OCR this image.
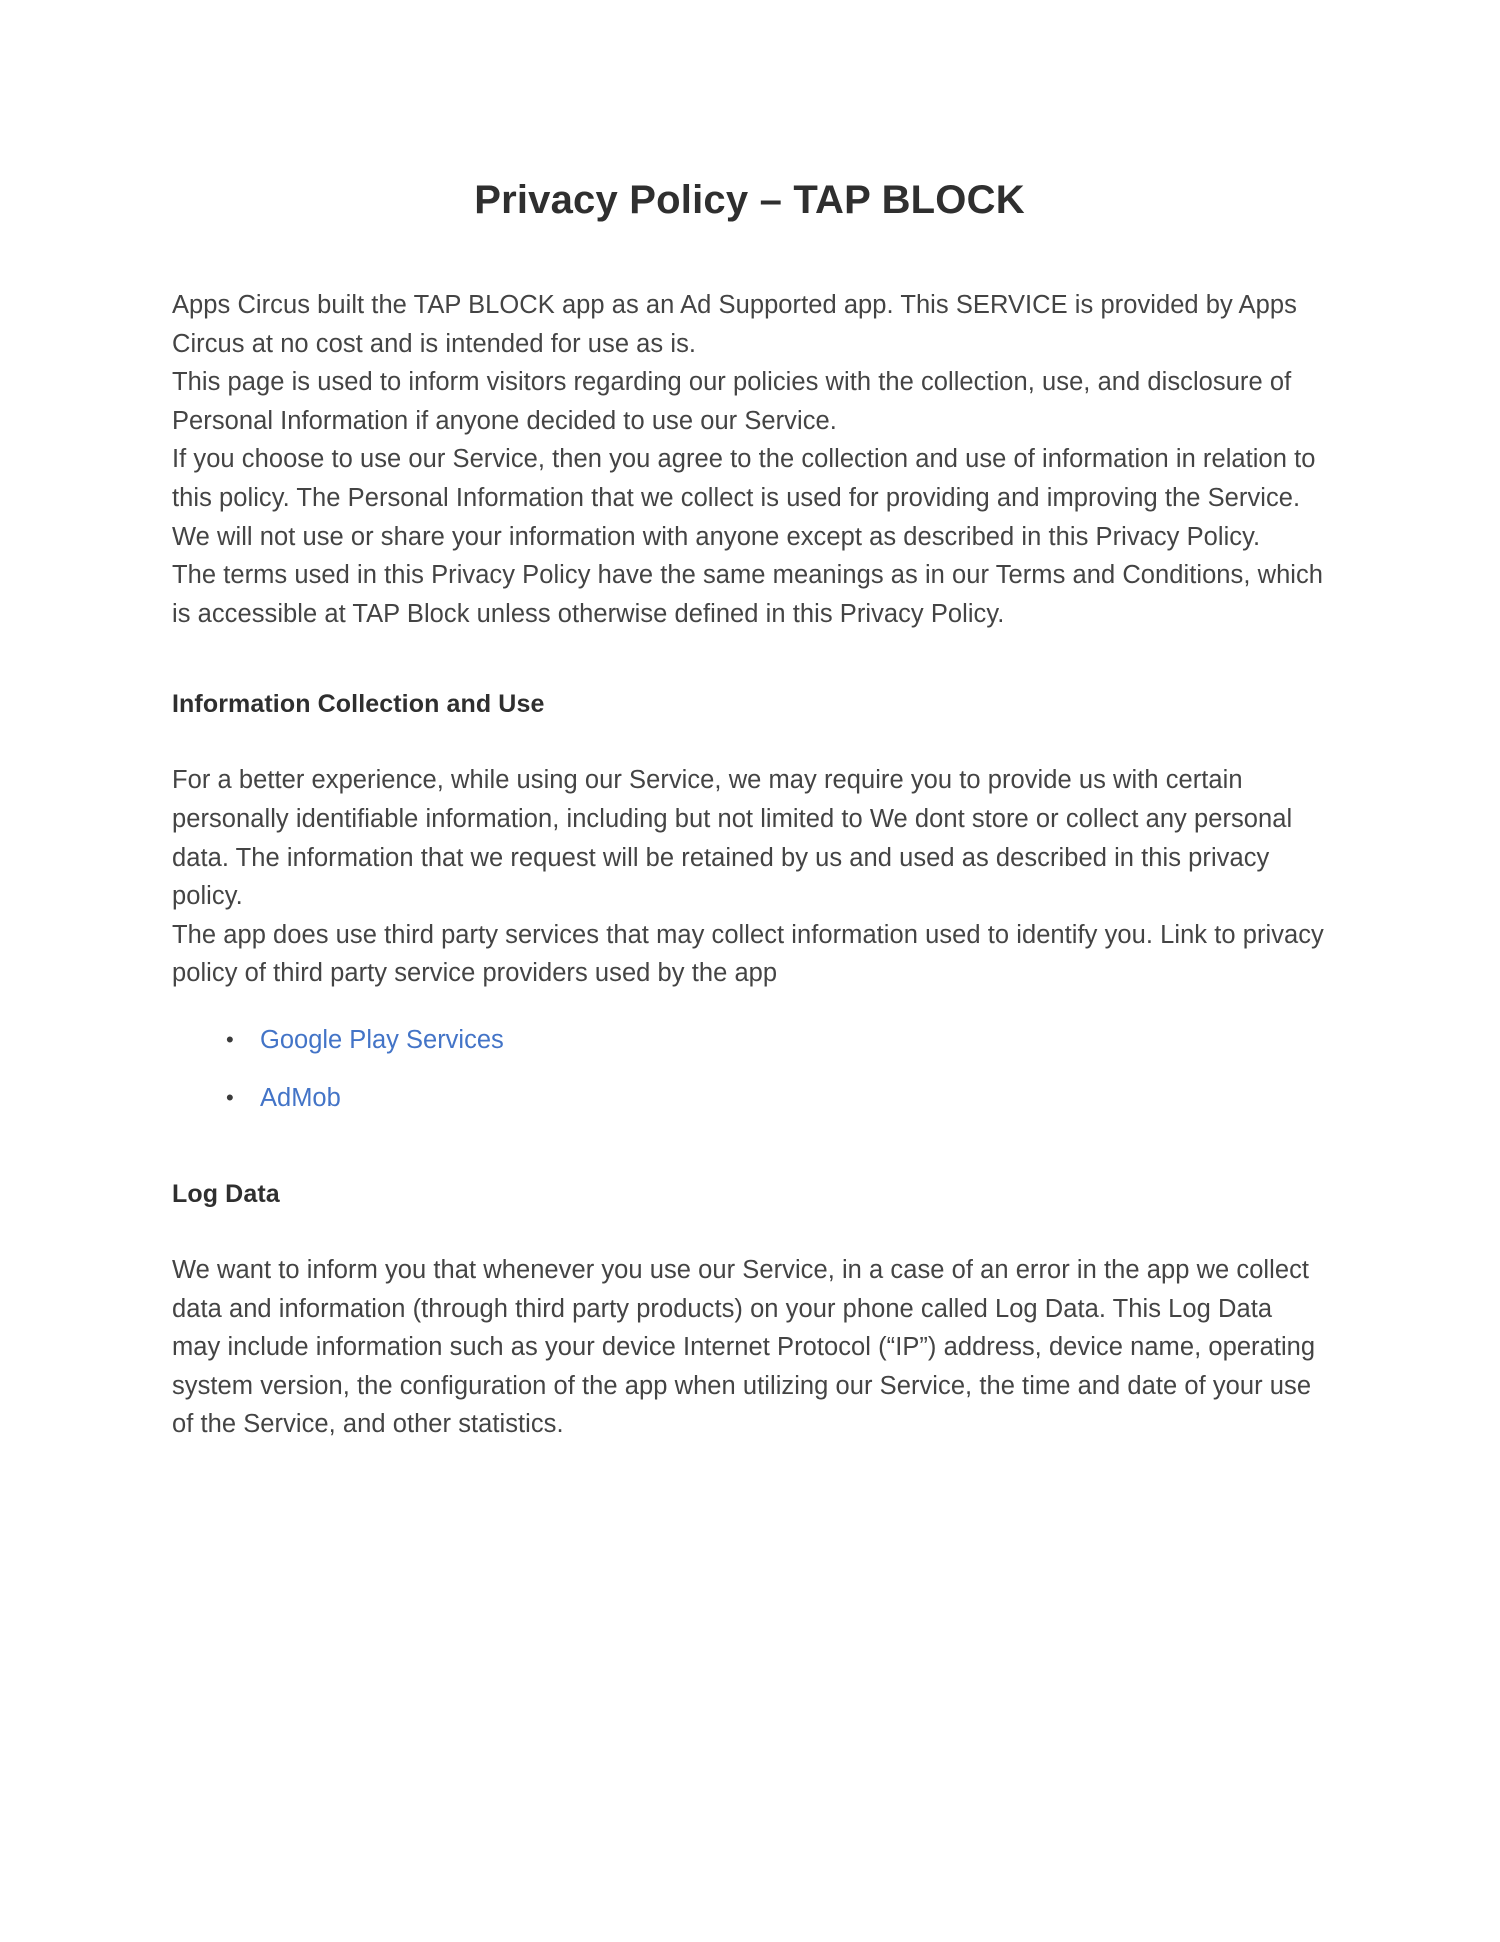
Privacy Policy – TAP BLOCK

Apps Circus built the TAP BLOCK app as an Ad Supported app. This SERVICE is provided by Apps Circus at no cost and is intended for use as is.

This page is used to inform visitors regarding our policies with the collection, use, and disclosure of Personal Information if anyone decided to use our Service.

If you choose to use our Service, then you agree to the collection and use of information in relation to this policy. The Personal Information that we collect is used for providing and improving the Service. We will not use or share your information with anyone except as described in this Privacy Policy.

The terms used in this Privacy Policy have the same meanings as in our Terms and Conditions, which is accessible at TAP Block unless otherwise defined in this Privacy Policy.

Information Collection and Use

For a better experience, while using our Service, we may require you to provide us with certain personally identifiable information, including but not limited to We dont store or collect any personal data. The information that we request will be retained by us and used as described in this privacy policy.

The app does use third party services that may collect information used to identify you. Link to privacy policy of third party service providers used by the app

• Google Play Services
• AdMob
Log Data

We want to inform you that whenever you use our Service, in a case of an error in the app we collect data and information (through third party products) on your phone called Log Data. This Log Data may include information such as your device Internet Protocol (“IP”) address, device name, operating system version, the configuration of the app when utilizing our Service, the time and date of your use of the Service, and other statistics.
